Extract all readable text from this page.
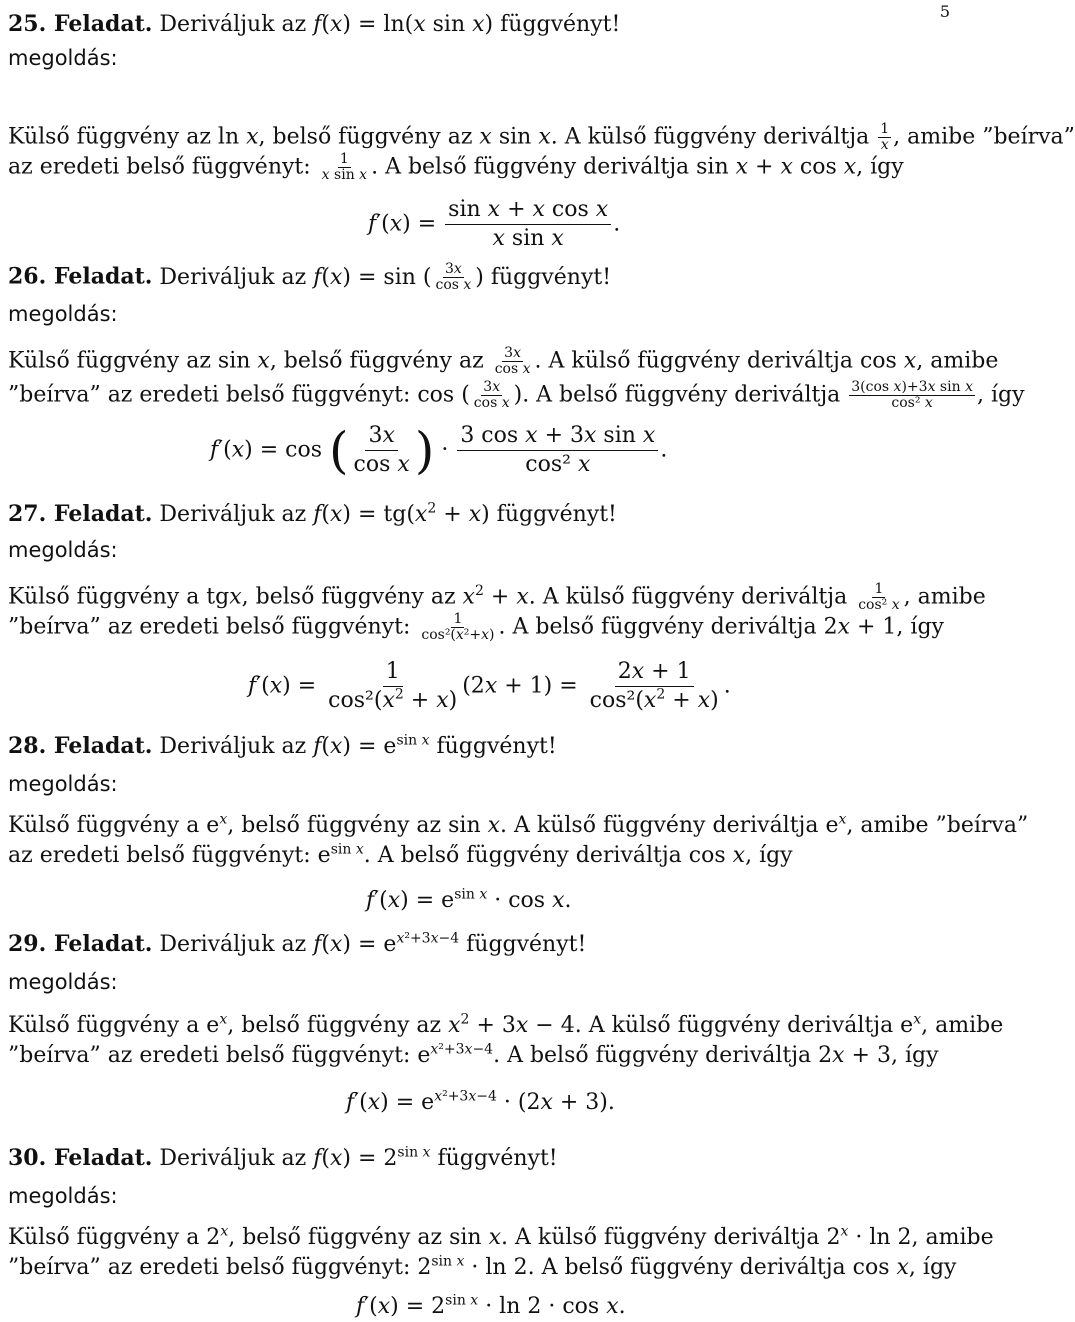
5
25. Feladat. Deriváljuk az f(x) = ln(x sin x) függvényt!
megoldás:
Külső függvény az ln x, belső függvény az x sin x. A külső függvény deriváltja $\frac{1}{x}$ , amibe ”beírva”
az eredeti belső függvényt: $\frac{1}{\text{x sin x}}$ . A belső függvény deriváltja sin x + x cos x, így
$f'(x) = \frac{\text{sin x + x cos x}}{\text{x sin x}}$ .
26. Feladat. Deriváljuk az f(x) = sin ( $\frac{3x}{\text{cos x}}$ ) függvényt!
megoldás:
Külső függvény az sin x, belső függvény az $\frac{3x}{\text{cos x}}$ . A külső függvény deriváltja cos x, amibe
”beírva” az eredeti belső függvényt: cos ( $\frac{3x}{\text{cos x}}$ ). A belső függvény deriváltja $\frac{\text{3(cos x)+3x sin x}}{\text{cos² x}}$ , így
f′(x) = cos ( $\frac{3x}{\text{cos x}}$ ) · $\frac{\text{3 cos x + 3x sin x}}{\text{cos² x}}$ .
27. Feladat. Deriváljuk az $f(x) = tg(x^2 + x)$ függvényt!
megoldás:
Külső függvény a tgx, belső függvény az $x^2 + x$. A külső függvény deriváltja $\frac{1}{\text{cos² x}}$ , amibe
”beírva” az eredeti belső függvényt: $\frac{1}{\text{cos²(x²+x)}}$ . A belső függvény deriváltja 2x + 1, így
$f'(x) = \frac{1}{\cos^2(x^2 + x)} (2x + 1) = \frac{2x + 1}{\cos^2(x^2 + x)}$ .
28. Feladat. Deriváljuk az $f(x) = e^{sin x}$ függvényt!
megoldás:
Külső függvény a $e^x$, belső függvény az sin x. A külső függvény deriváltja $e^x$, amibe ”beírva”
az eredeti belső függvényt: $e^{sin x}$. A belső függvény deriváltja cos x, így
$f'(x) = e^{sin x} \cdot \cos x$.
29. Feladat. Deriváljuk az $f(x) = e^{x^2+3x-4}$ függvényt!
megoldás:
Külső függvény a $e^x$, belső függvény az $x^2 + 3x - 4$. A külső függvény deriváltja $e^x$, amibe
”beírva” az eredeti belső függvényt: $e^{x^2+3x-4}$. A belső függvény deriváltja 2x + 3, így
$f'(x) = e^{x^2+3x-4} \cdot (2x + 3)$.
30. Feladat. Deriváljuk az $f(x) = 2^{sin x}$ függvényt!
megoldás:
Külső függvény a 2$^x$, belső függvény az sin x. A külső függvény deriváltja $2^x \cdot \ln 2$, amibe
”beírva” az eredeti belső függvényt: $2^{sin x} \cdot \ln 2$. A belső függvény deriváltja cos x, így
$f'(x) = 2^{sin x} \cdot \ln 2 \cdot \cos x$.
